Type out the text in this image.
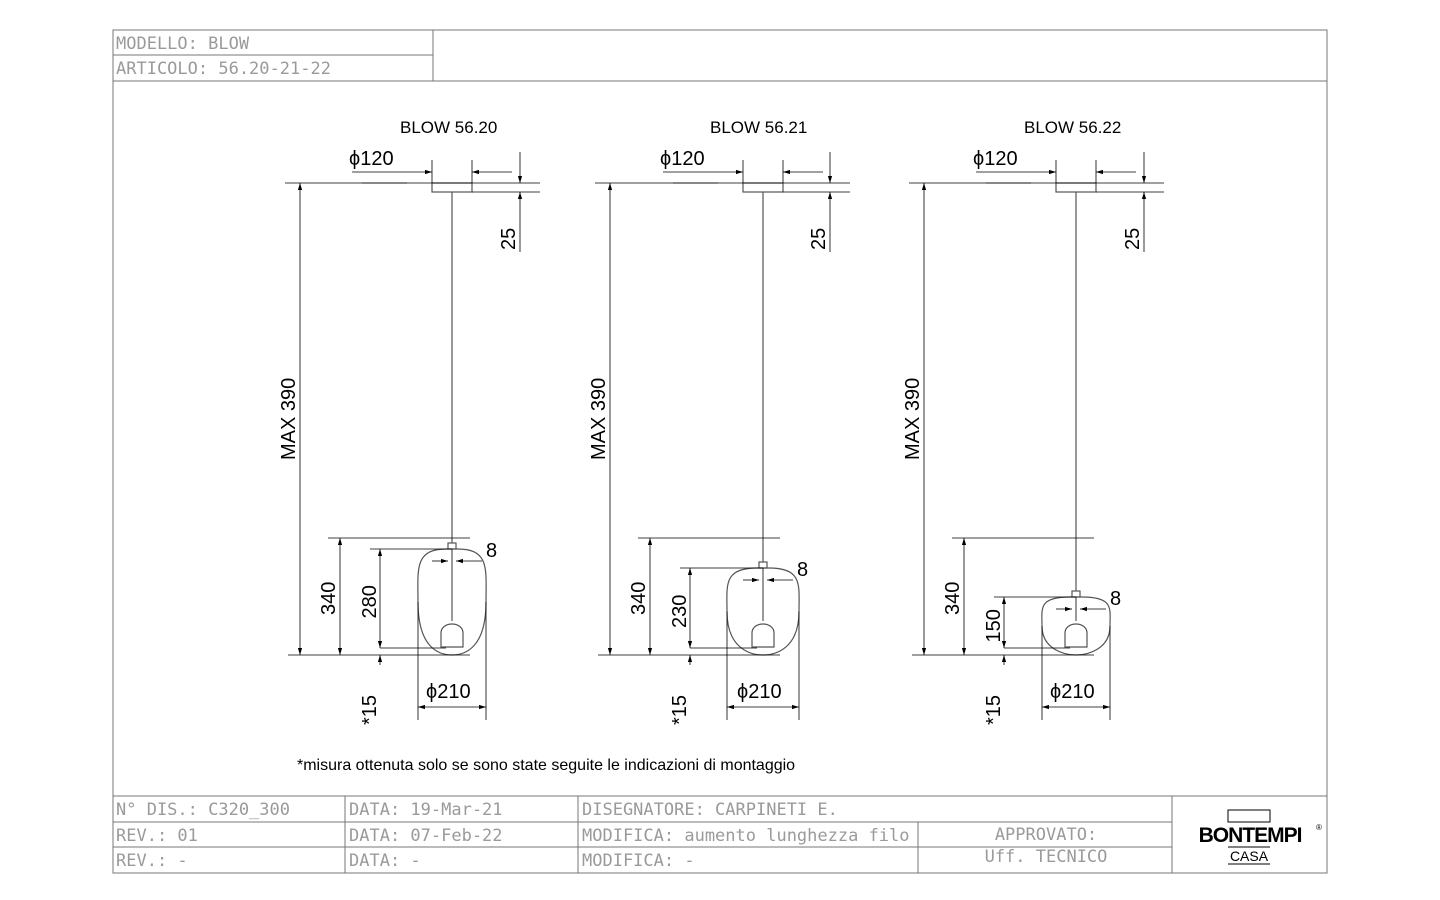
MODELLO: BLOW
ARTICOLO: 56.20-21-22
BLOW 56.20
ϕ120
25
MAX 390
340 280
8
*15
ϕ210
BLOW 56.21
ϕ120
25
MAX 390
340 230
8
*15
ϕ210
BLOW 56.22
ϕ120
25
MAX 390
340
150
8
*15
ϕ210
*misura ottenuta solo se sono state seguite le indicazioni di montaggio
N° DIS.: C320_300
REV.: 01
REV.: -
DATA: 19-Mar-21
DATA: 07-Feb-22
DATA: -
DISEGNATORE: CARPINETI E.
MODIFICA: aumento lunghezza filo
MODIFICA: -
APPROVATO:
Uff. TECNICO
BONTEMPI ®
CASA
